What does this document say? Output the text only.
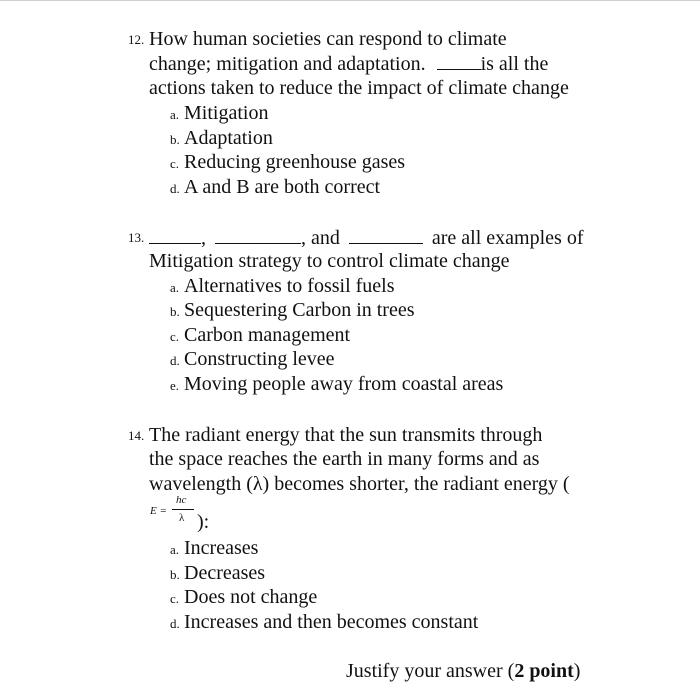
12. How human societies can respond to climate
change; mitigation and adaptation.	is all the
actions taken to reduce the impact of climate change
a. Mitigation
b. Adaptation
c. Reducing greenhouse gases
d. A and B are both correct
13.	,	, and	are all examples of
Mitigation strategy to control climate change
a. Alternatives to fossil fuels
b. Sequestering Carbon in trees
c. Carbon management
d. Constructing levee
e. Moving people away from coastal areas
14. The radiant energy that the sun transmits through
the space reaches the earth in many forms and as
wavelength (λ) becomes shorter, the radiant energy (
E =
hc
λ ):
a. Increases
b. Decreases
c. Does not change
d. Increases and then becomes constant
Justify your answer (2 point)
